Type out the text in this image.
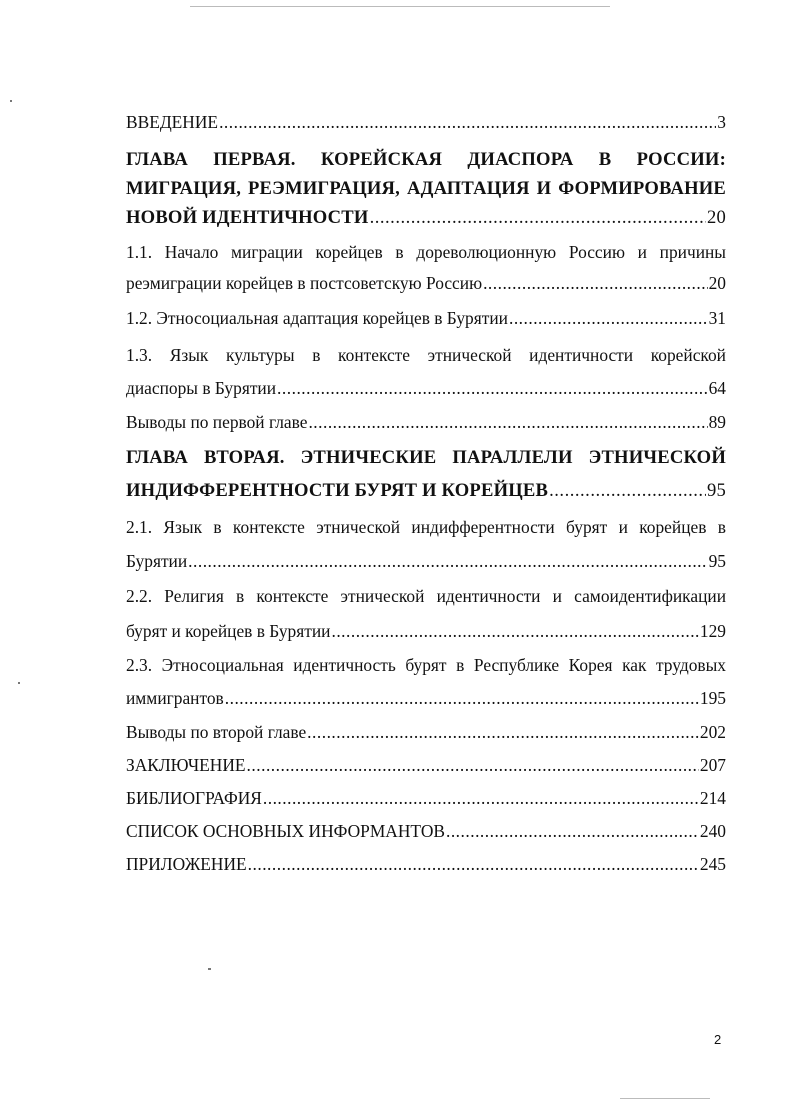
ВВЕДЕНИЕ .....	3
ГЛАВА ПЕРВАЯ. КОРЕЙСКАЯ ДИАСПОРА В РОССИИ:
МИГРАЦИЯ, РЕЭМИГРАЦИЯ, АДАПТАЦИЯ И ФОРМИРОВАНИЕ
НОВОЙ ИДЕНТИЧНОСТИ .....	20
1.1. Начало миграции корейцев в дореволюционную Россию и причины
реэмиграции корейцев в постсоветскую Россию .....	20
1.2. Этносоциальная адаптация корейцев в Бурятии .....	31
1.3. Язык культуры в контексте этнической идентичности корейской
диаспоры в Бурятии .....	64
Выводы по первой главе .....	89
ГЛАВА ВТОРАЯ. ЭТНИЧЕСКИЕ ПАРАЛЛЕЛИ ЭТНИЧЕСКОЙ
ИНДИФФЕРЕНТНОСТИ БУРЯТ И КОРЕЙЦЕВ .....	95
2.1. Язык в контексте этнической индифферентности бурят и корейцев в
Бурятии .....	95
2.2. Религия в контексте этнической идентичности и самоидентификации
бурят и корейцев в Бурятии .....	129
2.3. Этносоциальная идентичность бурят в Республике Корея как трудовых
иммигрантов .....	195
Выводы по второй главе .....	202
ЗАКЛЮЧЕНИЕ .....	207
БИБЛИОГРАФИЯ .....	214
СПИСОК ОСНОВНЫХ ИНФОРМАНТОВ .....	240
ПРИЛОЖЕНИЕ .....	245
2
